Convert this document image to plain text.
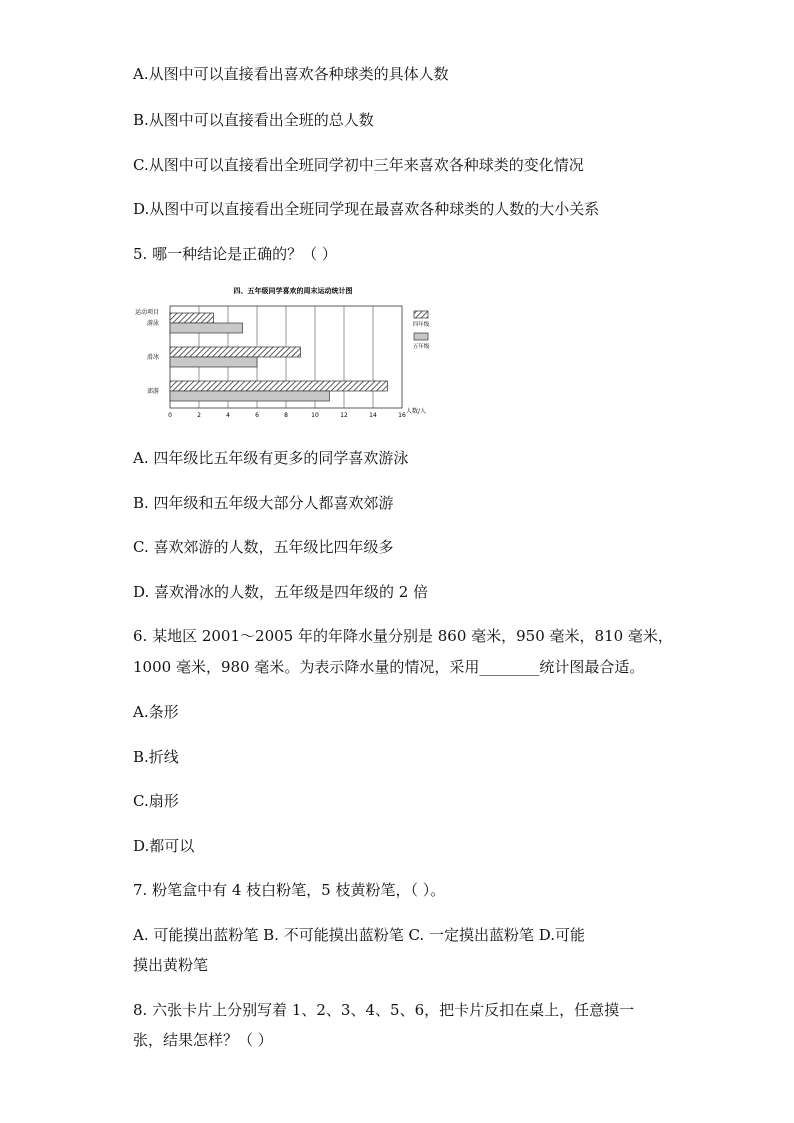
A.从图中可以直接看出喜欢各种球类的具体人数
B.从图中可以直接看出全班的总人数
C.从图中可以直接看出全班同学初中三年来喜欢各种球类的变化情况
D.从图中可以直接看出全班同学现在最喜欢各种球类的人数的大小关系
5. 哪一种结论是正确的？（ ）
四、五年级同学喜欢的周末运动统计图
运动项目
人数/人
游泳
滑冰
郊游
0	2	4	6	8	10	12	14	16
四年级
五年级
A. 四年级比五年级有更多的同学喜欢游泳
B. 四年级和五年级大部分人都喜欢郊游
C. 喜欢郊游的人数，五年级比四年级多
D. 喜欢滑冰的人数，五年级是四年级的 2 倍
6. 某地区 2001～2005 年的年降水量分别是 860 毫米，950 毫米，810 毫米，
1000 毫米，980 毫米。为表示降水量的情况，采用________统计图最合适。
A.条形
B.折线
C.扇形
D.都可以
7. 粉笔盒中有 4 枝白粉笔，5 枝黄粉笔，（ ）。
A. 可能摸出蓝粉笔 B. 不可能摸出蓝粉笔 C. 一定摸出蓝粉笔 D.可能
摸出黄粉笔
8. 六张卡片上分别写着 1、2、3、4、5、6，把卡片反扣在桌上，任意摸一
张，结果怎样？（ ）
